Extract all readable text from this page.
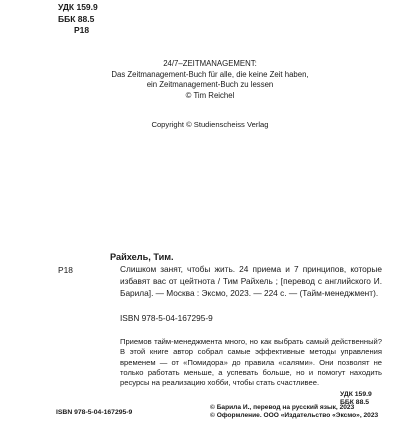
УДК 159.9
ББК 88.5
Р18
24/7–ZEITMANAGEMENT:
Das Zeitmanagement-Buch für alle, die keine Zeit haben,
ein Zeitmanagement-Buch zu lessen
© Tim Reichel
Copyright © Studienscheiss Verlag
Райхель, Тим.
Р18	Слишком занят, чтобы жить. 24 приема и 7 принципов, которые избавят вас от цейтнота / Тим Райхель ; [перевод с английского И. Барила]. — Москва : Эксмо, 2023. — 224 с. — (Тайм-менеджмент).
ISBN 978-5-04-167295-9
Приемов тайм-менеджмента много, но как выбрать самый действенный? В этой книге автор собрал самые эффективные методы управления временем — от «Помидора» до правила «салями». Они позволят не только работать меньше, а успевать больше, но и помогут находить ресурсы на реализацию хобби, чтобы стать счастливее.
УДК 159.9
ББК 88.5
ISBN 978-5-04-167295-9
© Барила И., перевод на русский язык, 2023
© Оформление. ООО «Издательство «Эксмо», 2023
